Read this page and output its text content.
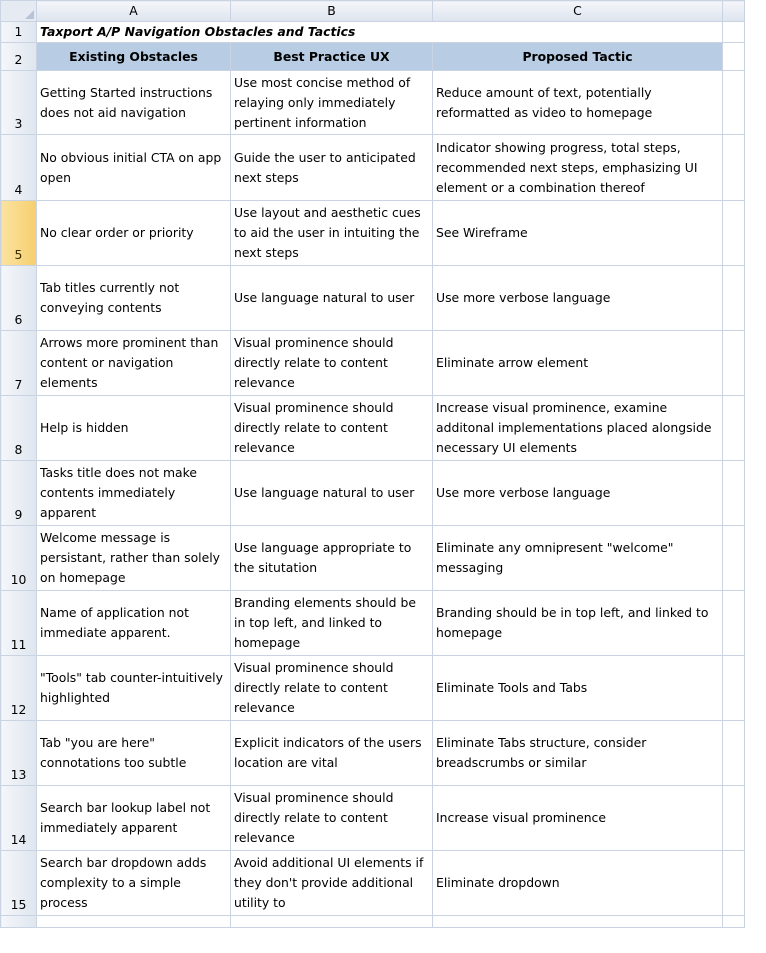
	A	B	C	
1	Taxport A/P Navigation Obstacles and Tactics			
2	Existing Obstacles	Best Practice UX	Proposed Tactic	
3	Getting Started instructions does not aid navigation	Use most concise method of relaying only immediately pertinent information	Reduce amount of text, potentially reformatted as video to homepage	
4	No obvious initial CTA on app open	Guide the user to anticipated next steps	Indicator showing progress, total steps, recommended next steps, emphasizing UI element or a combination thereof	
5	No clear order or priority	Use layout and aesthetic cues to aid the user in intuiting the next steps	See Wireframe	
6	Tab titles currently not conveying contents	Use language natural to user	Use more verbose language	
7	Arrows more prominent than content or navigation elements	Visual prominence should directly relate to content relevance	Eliminate arrow element	
8	Help is hidden	Visual prominence should directly relate to content relevance	Increase visual prominence, examine additonal implementations placed alongside necessary UI elements	
9	Tasks title does not make contents immediately apparent	Use language natural to user	Use more verbose language	
10	Welcome message is persistant, rather than solely on homepage	Use language appropriate to the situtation	Eliminate any omnipresent "welcome" messaging	
11	Name of application not immediate apparent.	Branding elements should be in top left, and linked to homepage	Branding should be in top left, and linked to homepage	
12	"Tools" tab counter-intuitively highlighted	Visual prominence should directly relate to content relevance	Eliminate Tools and Tabs	
13	Tab "you are here" connotations too subtle	Explicit indicators of the users location are vital	Eliminate Tabs structure, consider breadscrumbs or similar	
14	Search bar lookup label not immediately apparent	Visual prominence should directly relate to content relevance	Increase visual prominence	
15	Search bar dropdown adds complexity to a simple process	Avoid additional UI elements if they don't provide additional utility to	Eliminate dropdown	
